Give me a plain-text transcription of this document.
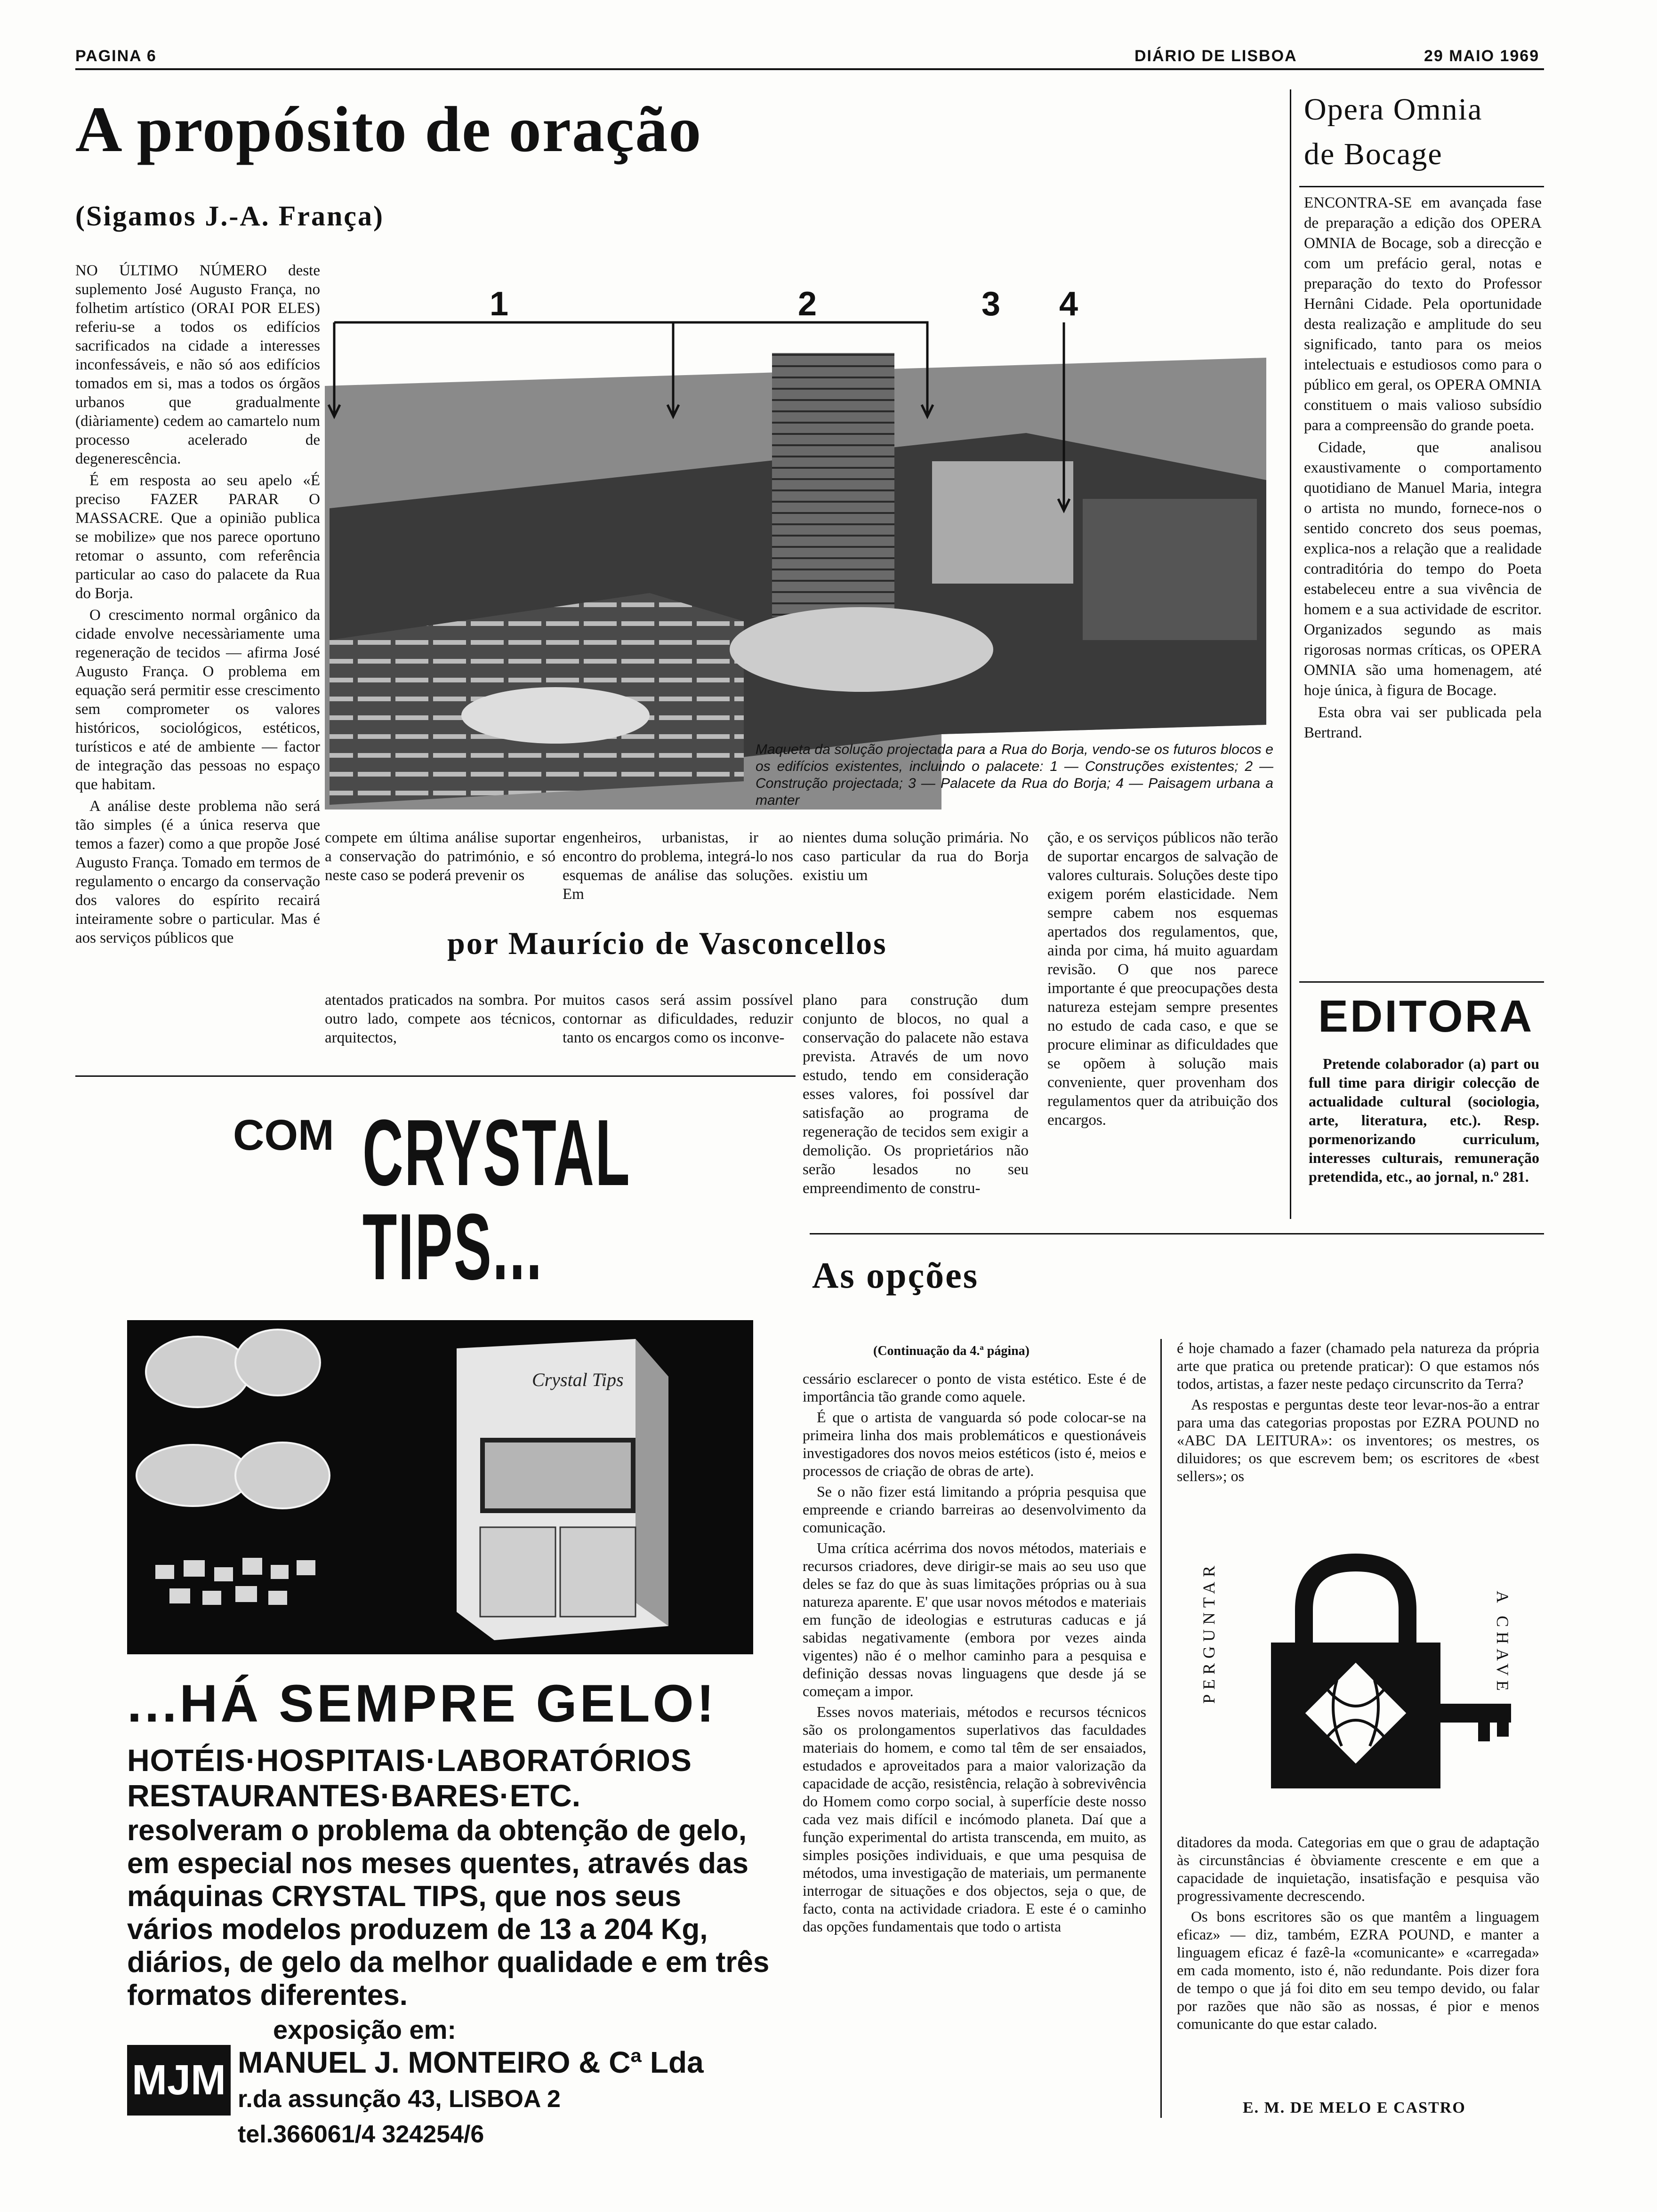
PAGINA 6	DIÁRIO DE LISBOA	29 MAIO 1969
A propósito de oração
(Sigamos J.-A. França)

NO ÚLTIMO NÚMERO deste suplemento José Augusto França, no folhetim artístico (ORAI POR ELES) referiu-se a todos os edifícios sacrificados na cidade a interesses inconfessáveis, e não só aos edifícios tomados em si, mas a todos os órgãos urbanos que gradualmente (diàriamente) cedem ao camartelo num processo acelerado de degenerescência.

É em resposta ao seu apelo «É preciso FAZER PARAR O MASSACRE. Que a opinião publica se mobilize» que nos parece oportuno retomar o assunto, com referência particular ao caso do palacete da Rua do Borja.

O crescimento normal orgânico da cidade envolve necessàriamente uma regeneração de tecidos — afirma José Augusto França. O problema em equação será permitir esse crescimento sem comprometer os valores históricos, sociológicos, estéticos, turísticos e até de ambiente — factor de integração das pessoas no espaço que habitam.

A análise deste problema não será tão simples (é a única reserva que temos a fazer) como a que propõe José Augusto França. Tomado em termos de regulamento o encargo da conservação dos valores do espírito recairá inteiramente sobre o particular. Mas é aos serviços públicos que

1	2	3 4
Maqueta da solução projectada para a Rua do Borja, vendo-se os futuros blocos e os edifícios existentes, incluindo o palacete: 1 — Construções existentes; 2 — Construção projectada; 3 — Palacete da Rua do Borja; 4 — Paisagem urbana a manter
compete em última análise suportar a conservação do património, e só neste caso se poderá prevenir os
engenheiros, urbanistas, ir ao encontro do problema, integrá-lo nos esquemas de análise das soluções. Em
nientes duma solução primária. No caso particular da rua do Borja existiu um
por Maurício de Vasconcellos
atentados praticados na sombra. Por outro lado, compete aos técnicos, arquitectos,
muitos casos será assim possível contornar as dificuldades, reduzir tanto os encargos como os inconve-
plano para construção dum conjunto de blocos, no qual a conservação do palacete não estava prevista. Através de um novo estudo, tendo em consideração esses valores, foi possível dar satisfação ao programa de regeneração de tecidos sem exigir a demolição. Os proprietários não serão lesados no seu empreendimento de constru-
ção, e os serviços públicos não terão de suportar encargos de salvação de valores culturais. Soluções deste tipo exigem porém elasticidade. Nem sempre cabem nos esquemas apertados dos regulamentos, que, ainda por cima, há muito aguardam revisão. O que nos parece importante é que preocupações desta natureza estejam sempre presentes no estudo de cada caso, e que se procure eliminar as dificuldades que se opõem à solução mais conveniente, quer provenham dos regulamentos quer da atribuição dos encargos.
Opera Omnia
de Bocage

ENCONTRA-SE em avançada fase de preparação a edição dos OPERA OMNIA de Bocage, sob a direcção e com um prefácio geral, notas e preparação do texto do Professor Hernâni Cidade. Pela oportunidade desta realização e amplitude do seu significado, tanto para os meios intelectuais e estudiosos como para o público em geral, os OPERA OMNIA constituem o mais valioso subsídio para a compreensão do grande poeta.

Cidade, que analisou exaustivamente o comportamento quotidiano de Manuel Maria, integra o artista no mundo, fornece-nos o sentido concreto dos seus poemas, explica-nos a relação que a realidade contraditória do tempo do Poeta estabeleceu entre a sua vivência de homem e a sua actividade de escritor. Organizados segundo as mais rigorosas normas críticas, os OPERA OMNIA são uma homenagem, até hoje única, à figura de Bocage.

Esta obra vai ser publicada pela Bertrand.

EDITORA
Pretende colaborador (a) part ou full time para dirigir colecção de actualidade cultural (sociologia, arte, literatura, etc.). Resp. pormenorizando curriculum, interesses culturais, remuneração pretendida, etc., ao jornal, n.º 281.
COM CRYSTAL
TIPS...
Crystal Tips
...HÁ SEMPRE GELO!
HOTÉIS·HOSPITAIS·LABORATÓRIOS
RESTAURANTES·BARES·ETC.
resolveram o problema da obtenção de gelo, em especial nos meses quentes, através das máquinas CRYSTAL TIPS, que nos seus vários modelos produzem de 13 a 204 Kg, diários, de gelo da melhor qualidade e em três formatos diferentes.
exposição em:
MJM MANUEL J. MONTEIRO & Cª Lda
r.da assunção 43, LISBOA 2
tel.366061/4 324254/6
As opções
(Continuação da 4.ª página)

cessário esclarecer o ponto de vista estético. Este é de importância tão grande como aquele.

É que o artista de vanguarda só pode colocar-se na primeira linha dos mais problemáticos e questionáveis investigadores dos novos meios estéticos (isto é, meios e processos de criação de obras de arte).

Se o não fizer está limitando a própria pesquisa que empreende e criando barreiras ao desenvolvimento da comunicação.

Uma crítica acérrima dos novos métodos, materiais e recursos criadores, deve dirigir-se mais ao seu uso que deles se faz do que às suas limitações próprias ou à sua natureza aparente. E' que usar novos métodos e materiais em função de ideologias e estruturas caducas e já sabidas negativamente (embora por vezes ainda vigentes) não é o melhor caminho para a pesquisa e definição dessas novas linguagens que desde já se começam a impor.

Esses novos materiais, métodos e recursos técnicos são os prolongamentos superlativos das faculdades materiais do homem, e como tal têm de ser ensaiados, estudados e aproveitados para a maior valorização da capacidade de acção, resistência, relação à sobrevivência do Homem como corpo social, à superfície deste nosso cada vez mais difícil e incómodo planeta. Daí que a função experimental do artista transcenda, em muito, as simples posições individuais, e que uma pesquisa de métodos, uma investigação de materiais, um permanente interrogar de situações e dos objectos, seja o que, de facto, conta na actividade criadora. E este é o caminho das opções fundamentais que todo o artista

é hoje chamado a fazer (chamado pela natureza da própria arte que pratica ou pretende praticar): O que estamos nós todos, artistas, a fazer neste pedaço circunscrito da Terra?

As respostas e perguntas deste teor levar-nos-ão a entrar para uma das categorias propostas por EZRA POUND no «ABC DA LEITURA»: os inventores; os mestres, os diluidores; os que escrevem bem; os escritores de «best sellers»; os

PERGUNTAR	A CHAVE

ditadores da moda. Categorias em que o grau de adaptação às circunstâncias é òbviamente crescente e em que a capacidade de inquietação, insatisfação e pesquisa vão progressivamente decrescendo.

Os bons escritores são os que mantêm a linguagem eficaz» — diz, também, EZRA POUND, e manter a linguagem eficaz é fazê-la «comunicante» e «carregada» em cada momento, isto é, não redundante. Pois dizer fora de tempo o que já foi dito em seu tempo devido, ou falar por razões que não são as nossas, é pior e menos comunicante do que estar calado.

E. M. DE MELO E CASTRO
